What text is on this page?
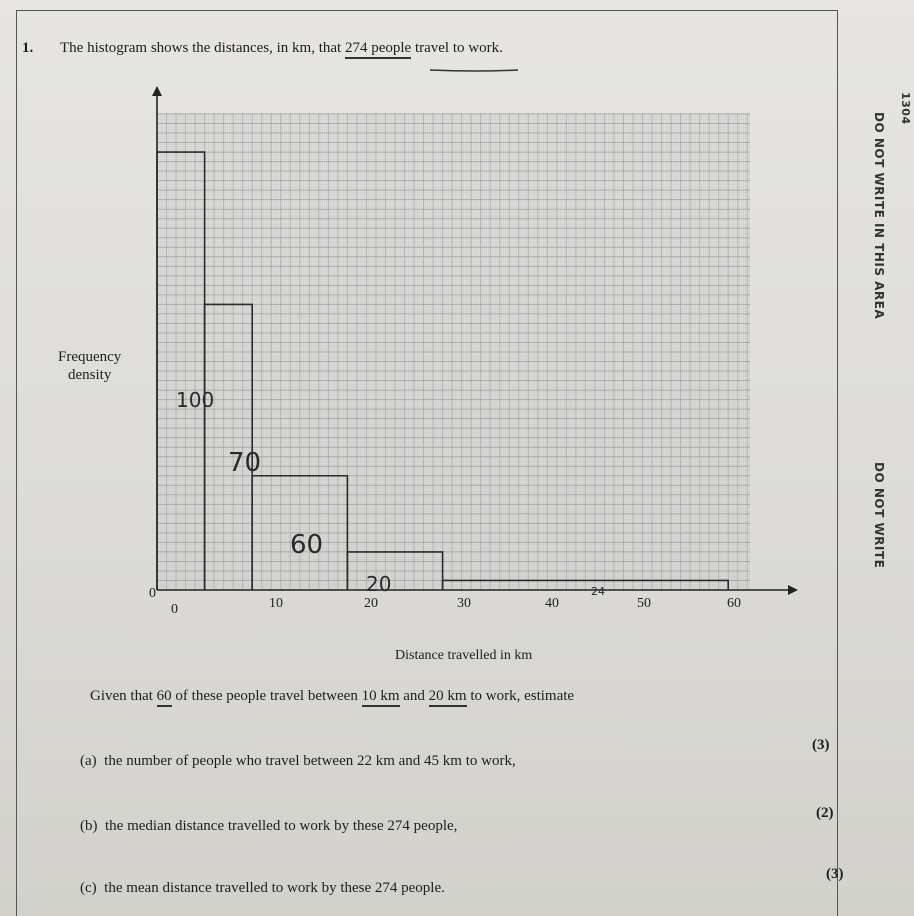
1. The histogram shows the distances, in km, that 274 people travel to work.
Frequency
density
Distance travelled in km
0
0	10	20	30	40	50	60
100
70
60
20	24
Given that 60 of these people travel between 10 km and 20 km to work, estimate
(a) the number of people who travel between 22 km and 45 km to work,
(3)
(b) the median distance travelled to work by these 274 people,
(2)
(c) the mean distance travelled to work by these 274 people.
(3)
DO NOT WRITE IN THIS AREA
DO NOT WRITE
1304
